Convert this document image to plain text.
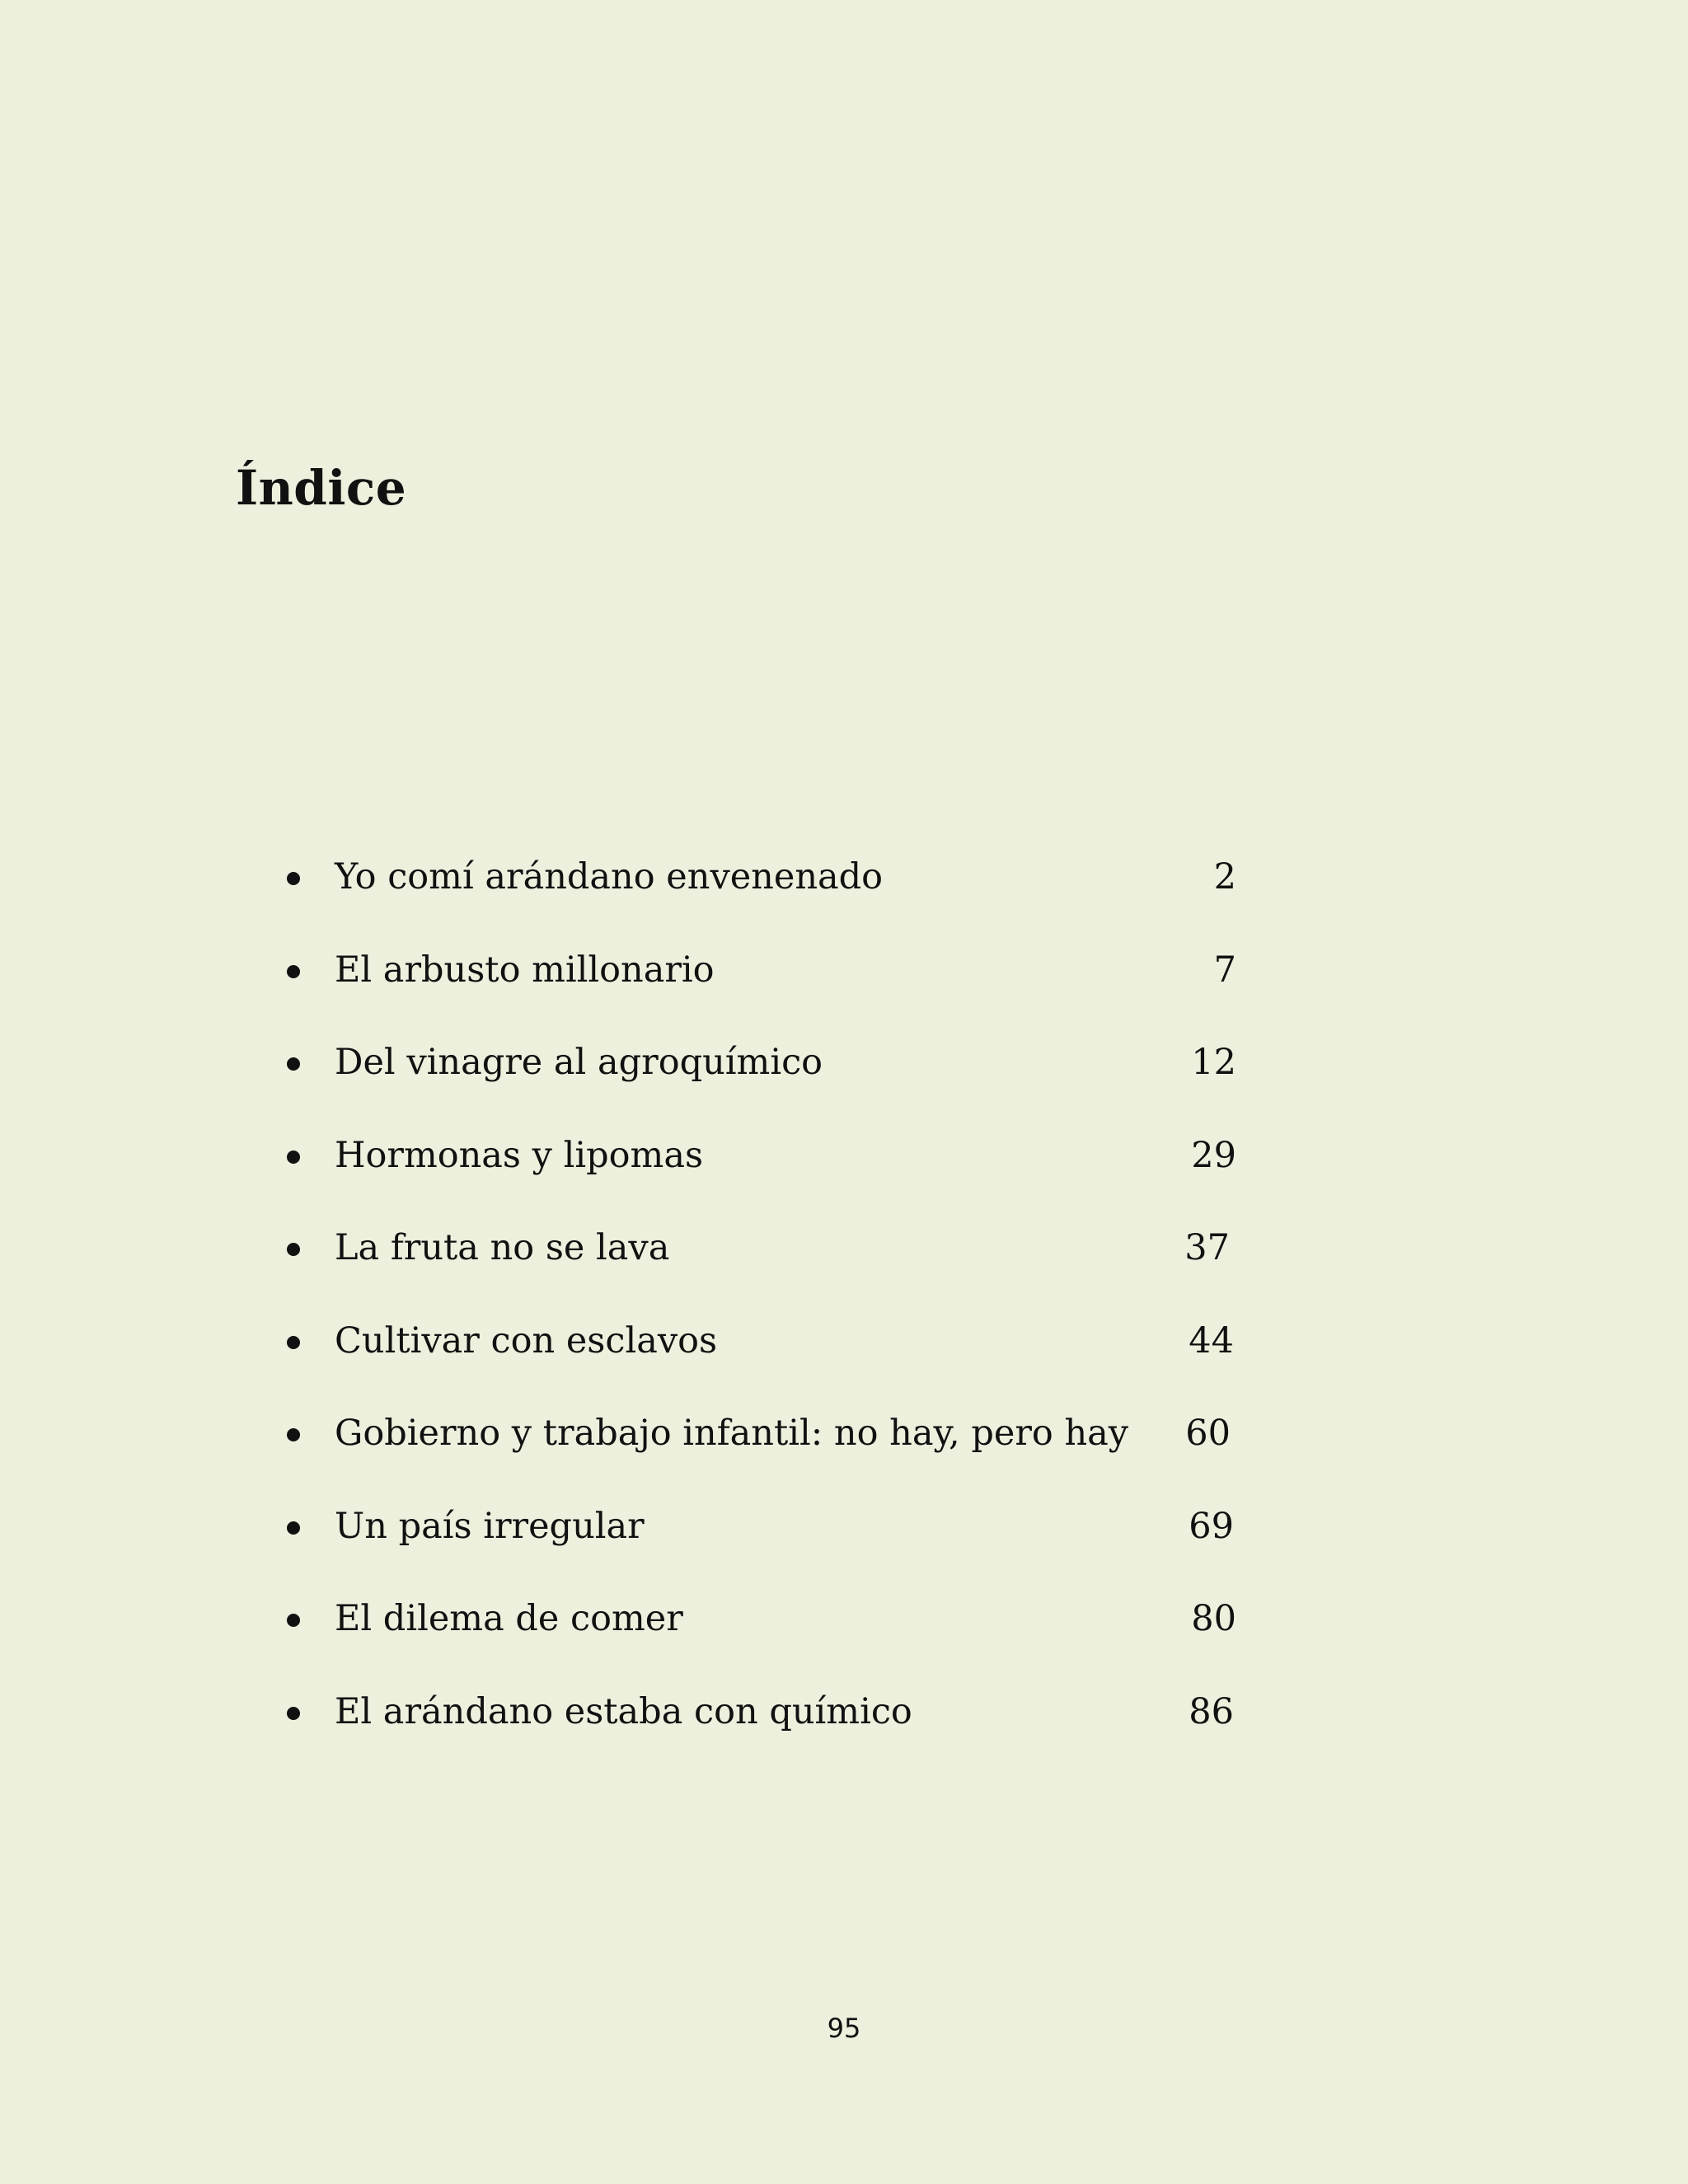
Índice
Yo comí arándano envenenado	2
El arbusto millonario	7
Del vinagre al agroquímico	12
Hormonas y lipomas	29
La fruta no se lava	37
Cultivar con esclavos	44
Gobierno y trabajo infantil: no hay, pero hay 60
Un país irregular	69
El dilema de comer	80
El arándano estaba con químico	86
95
